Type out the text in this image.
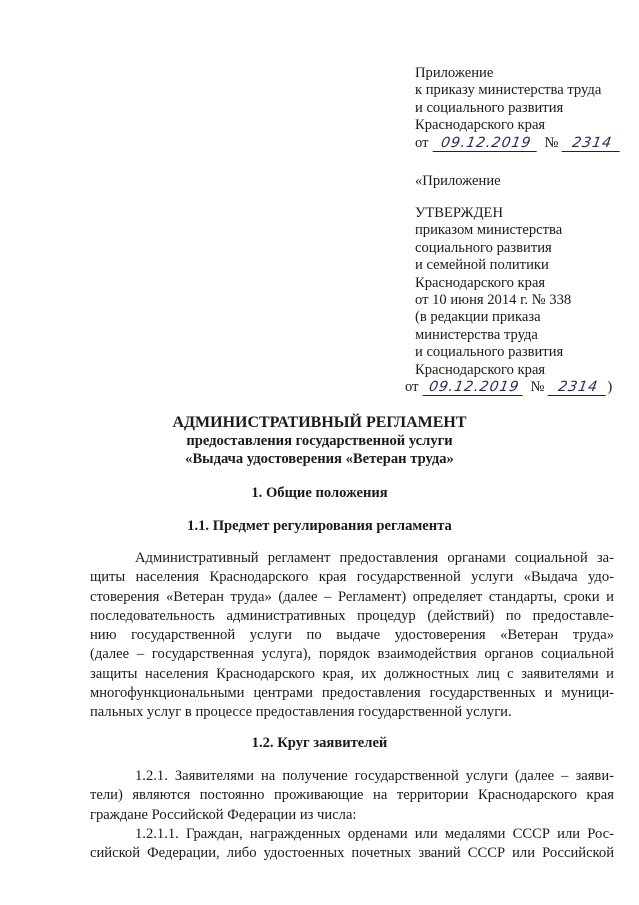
Приложение
к приказу министерства труда
и социального развития
Краснодарского края
от 09.12.2019 № 2314
«Приложение
УТВЕРЖДЕН
приказом министерства
социального развития
и семейной политики
Краснодарского края
от 10 июня 2014 г. № 338
(в редакции приказа
министерства труда
и социального развития
Краснодарского края
от 09.12.2019 № 2314 )
АДМИНИСТРАТИВНЫЙ РЕГЛАМЕНТ
предоставления государственной услуги
«Выдача удостоверения «Ветеран труда»
1. Общие положения
1.1. Предмет регулирования регламента
Административный регламент предоставления органами социальной за-
щиты населения Краснодарского края государственной услуги «Выдача удо-
стоверения «Ветеран труда» (далее – Регламент) определяет стандарты, сроки и
последовательность административных процедур (действий) по предоставле-
нию государственной услуги по выдаче удостоверения «Ветеран труда»
(далее – государственная услуга), порядок взаимодействия органов социальной
защиты населения Краснодарского края, их должностных лиц с заявителями и
многофункциональными центрами предоставления государственных и муници-
пальных услуг в процессе предоставления государственной услуги.
1.2. Круг заявителей
1.2.1. Заявителями на получение государственной услуги (далее – заяви-
тели) являются постоянно проживающие на территории Краснодарского края
граждане Российской Федерации из числа:
1.2.1.1. Граждан, награжденных орденами или медалями СССР или Рос-
сийской Федерации, либо удостоенных почетных званий СССР или Российской
